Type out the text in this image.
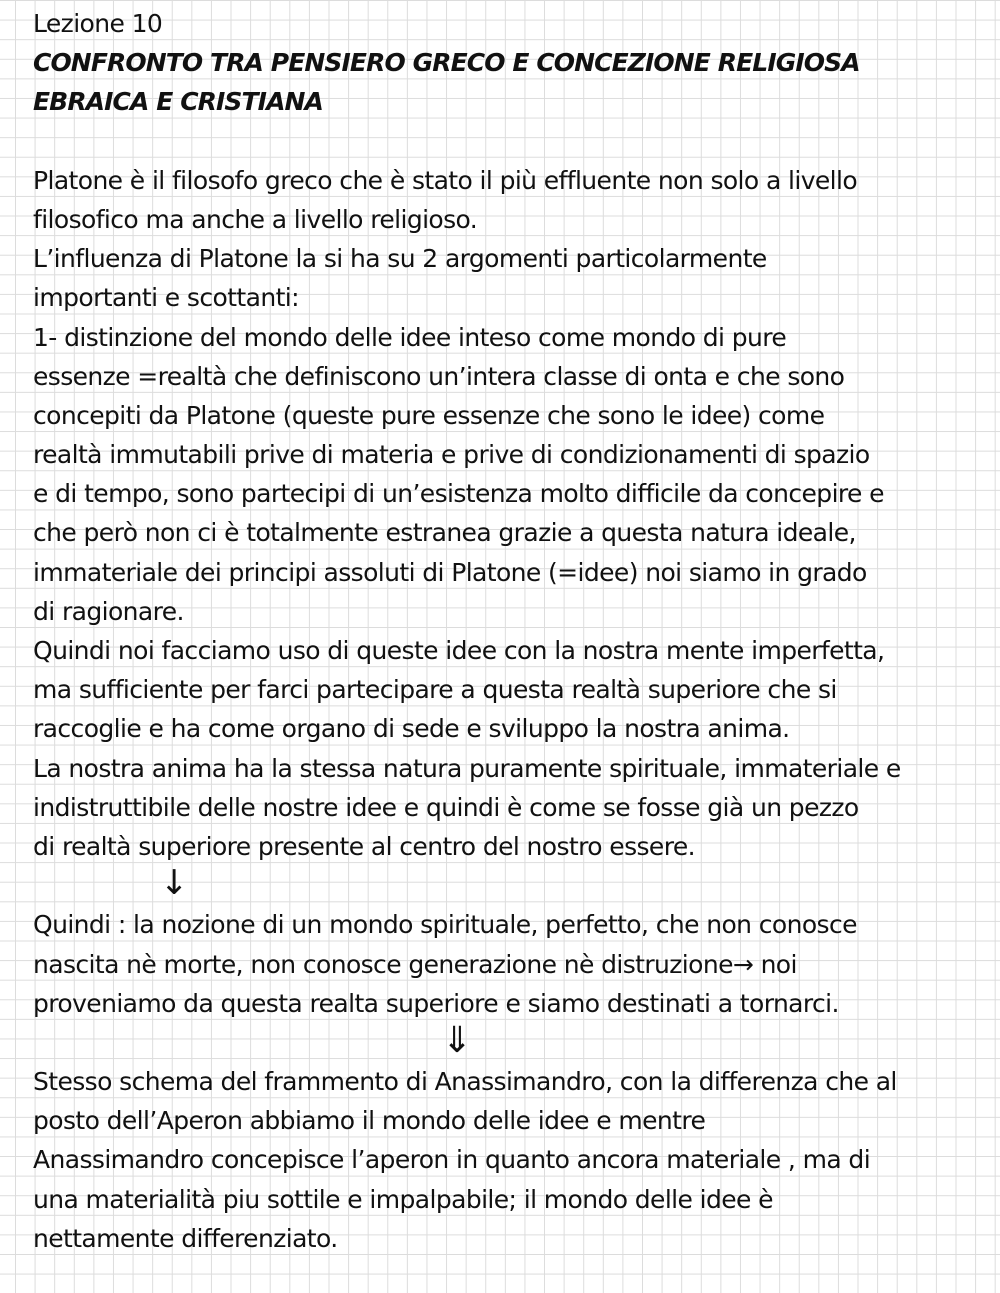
Lezione 10
CONFRONTO TRA PENSIERO GRECO E CONCEZIONE RELIGIOSA
EBRAICA E CRISTIANA
Platone è il filosofo greco che è stato il più effluente non solo a livello
filosofico ma anche a livello religioso.
L’influenza di Platone la si ha su 2 argomenti particolarmente
importanti e scottanti:
1- distinzione del mondo delle idee inteso come mondo di pure
essenze =realtà che definiscono un’intera classe di onta e che sono
concepiti da Platone (queste pure essenze che sono le idee) come
realtà immutabili prive di materia e prive di condizionamenti di spazio
e di tempo, sono partecipi di un’esistenza molto difficile da concepire e
che però non ci è totalmente estranea grazie a questa natura ideale,
immateriale dei principi assoluti di Platone (=idee) noi siamo in grado
di ragionare.
Quindi noi facciamo uso di queste idee con la nostra mente imperfetta,
ma sufficiente per farci partecipare a questa realtà superiore che si
raccoglie e ha come organo di sede e sviluppo la nostra anima.
La nostra anima ha la stessa natura puramente spirituale, immateriale e
indistruttibile delle nostre idee e quindi è come se fosse già un pezzo
di realtà superiore presente al centro del nostro essere.
Quindi : la nozione di un mondo spirituale, perfetto, che non conosce
nascita nè morte, non conosce generazione nè distruzione→ noi
proveniamo da questa realta superiore e siamo destinati a tornarci.
Stesso schema del frammento di Anassimandro, con la differenza che al
posto dell’Aperon abbiamo il mondo delle idee e mentre
Anassimandro concepisce l’aperon in quanto ancora materiale , ma di
una materialità piu sottile e impalpabile; il mondo delle idee è
nettamente differenziato.
↓
⇓
